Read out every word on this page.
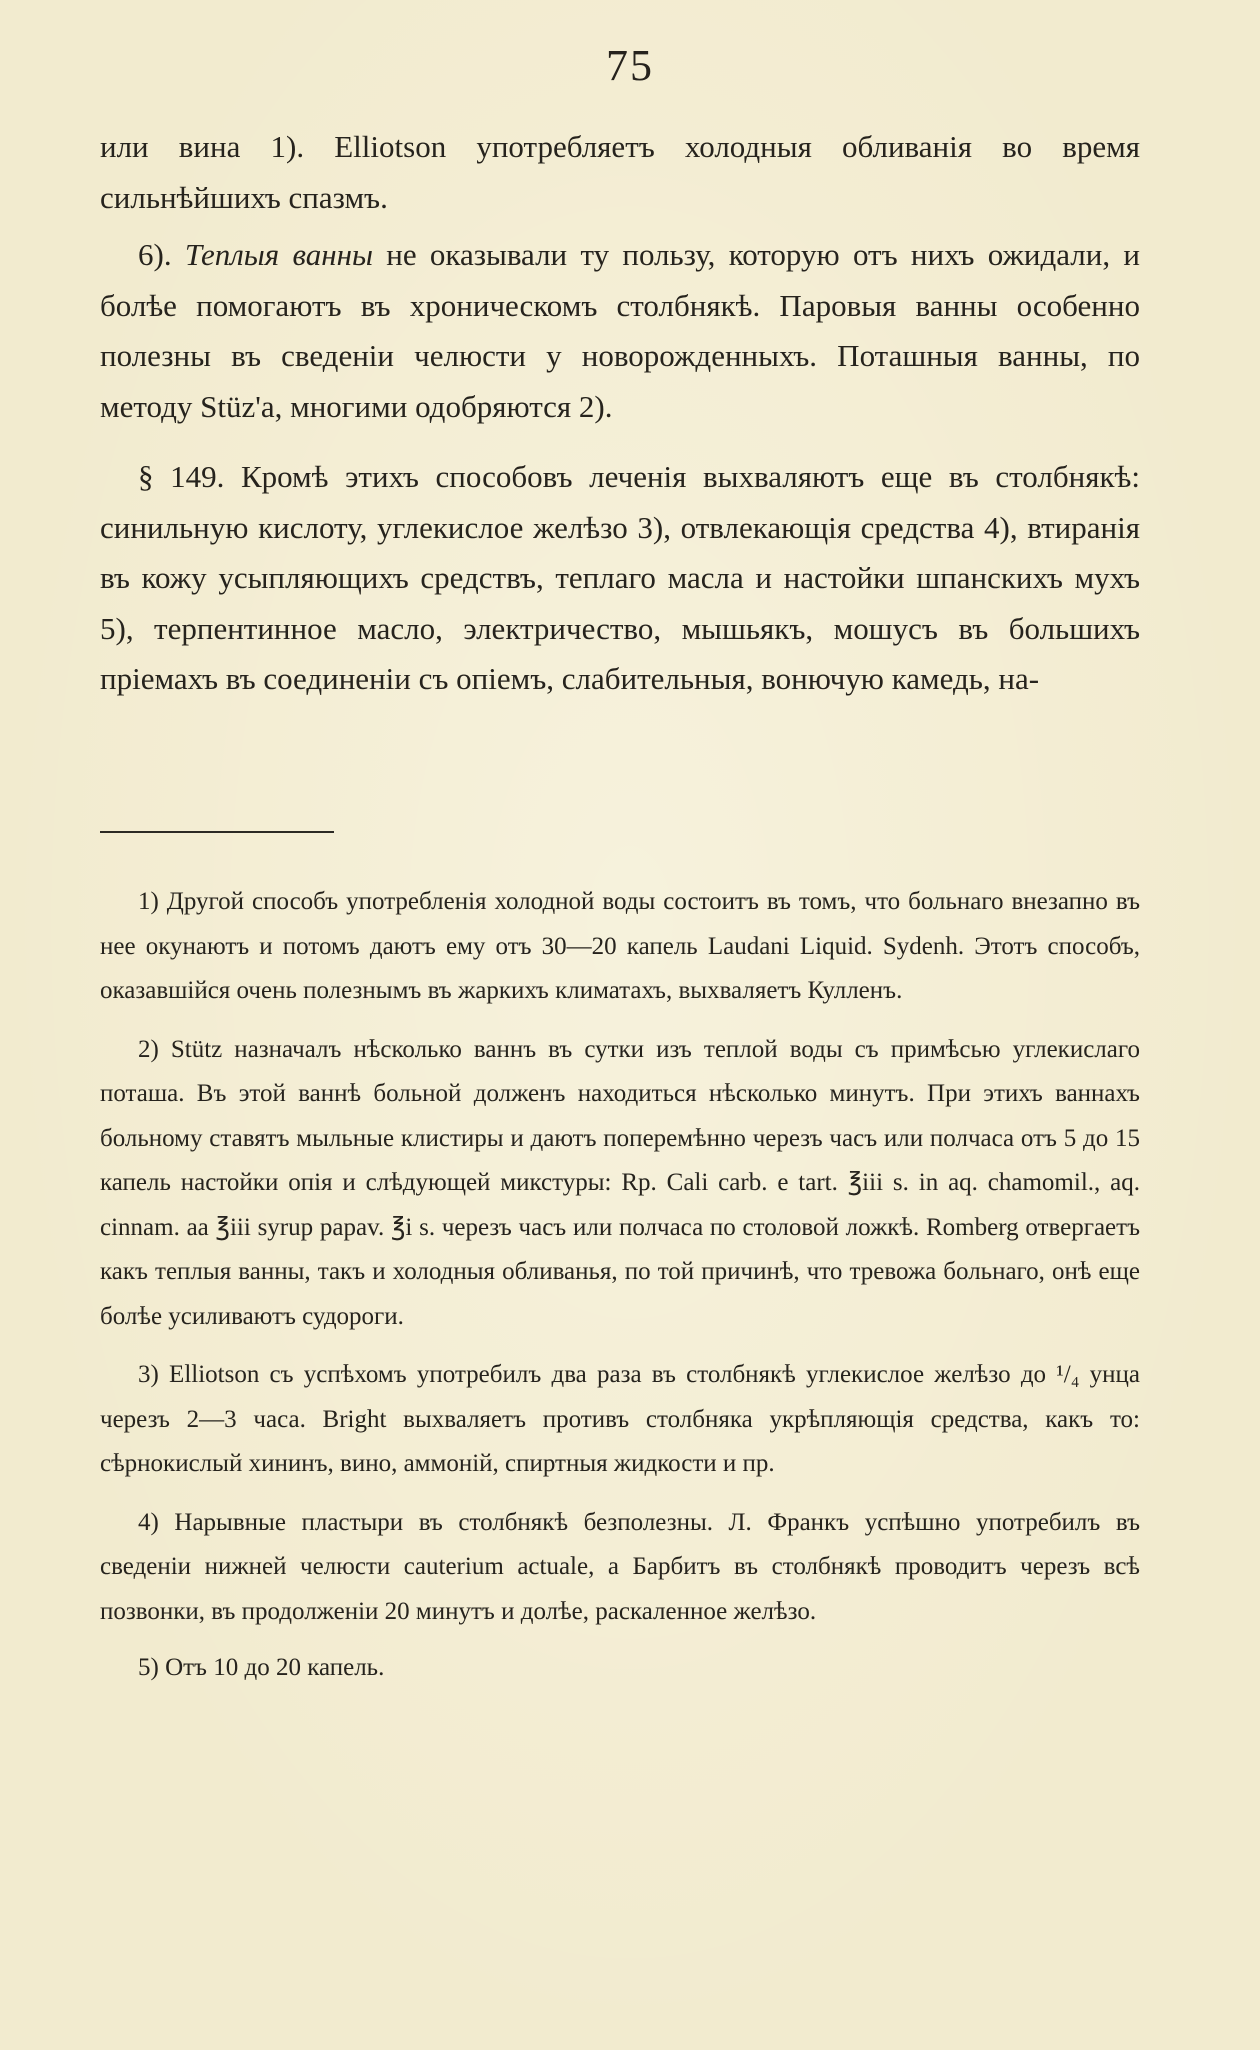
75

или вина 1). Elliotson употребляетъ холодныя обливанія во время сильнѣйшихъ спазмъ.

6). Теплыя ванны не оказывали ту пользу, которую отъ нихъ ожидали, и болѣе помогаютъ въ хроническомъ столбнякѣ. Паровыя ванны особенно полезны въ сведеніи челюсти у новорожденныхъ. Поташныя ванны, по методу Stüz'a, многими одобряются 2).

§ 149. Кромѣ этихъ способовъ леченія выхваляютъ еще въ столбнякѣ: синильную кислоту, углекислое желѣзо 3), отвлекающія средства 4), втиранія въ кожу усыпляющихъ средствъ, теплаго масла и настойки шпанскихъ мухъ 5), терпентинное масло, электричество, мышьякъ, мошусъ въ большихъ пріемахъ въ соединеніи съ опіемъ, слабительныя, вонючую камедь, на-

1) Другой способъ употребленія холодной воды состоитъ въ томъ, что больнаго внезапно въ нее окунаютъ и потомъ даютъ ему отъ 30—20 капель Laudani Liquid. Sydenh. Этотъ способъ, оказавшійся очень полезнымъ въ жаркихъ климатахъ, выхваляетъ Кулленъ.

2) Stütz назначалъ нѣсколько ваннъ въ сутки изъ теплой воды съ примѣсью углекислаго поташа. Въ этой ваннѣ больной долженъ находиться нѣсколько минутъ. При этихъ ваннахъ больному ставятъ мыльные клистиры и даютъ поперемѣнно черезъ часъ или полчаса отъ 5 до 15 капель настойки опія и слѣдующей микстуры: Rp. Cali carb. e tart. ℥iii s. in aq. chamomil., aq. cinnam. aa ℥iii syrup papav. ℥i s. черезъ часъ или полчаса по столовой ложкѣ. Romberg отвергаетъ какъ теплыя ванны, такъ и холодныя обливанья, по той причинѣ, что тревожа больнаго, онѣ еще болѣе усиливаютъ судороги.

3) Elliotson съ успѣхомъ употребилъ два раза въ столбнякѣ углекислое желѣзо до ¹/₄ унца черезъ 2—3 часа. Bright выхваляетъ противъ столбняка укрѣпляющія средства, какъ то: сѣрнокислый хининъ, вино, аммоній, спиртныя жидкости и пр.

4) Нарывные пластыри въ столбнякѣ безполезны. Л. Франкъ успѣшно употребилъ въ сведеніи нижней челюсти cauterium actuale, а Барбитъ въ столбнякѣ проводитъ черезъ всѣ позвонки, въ продолженіи 20 минутъ и долѣе, раскаленное желѣзо.

5) Отъ 10 до 20 капель.
